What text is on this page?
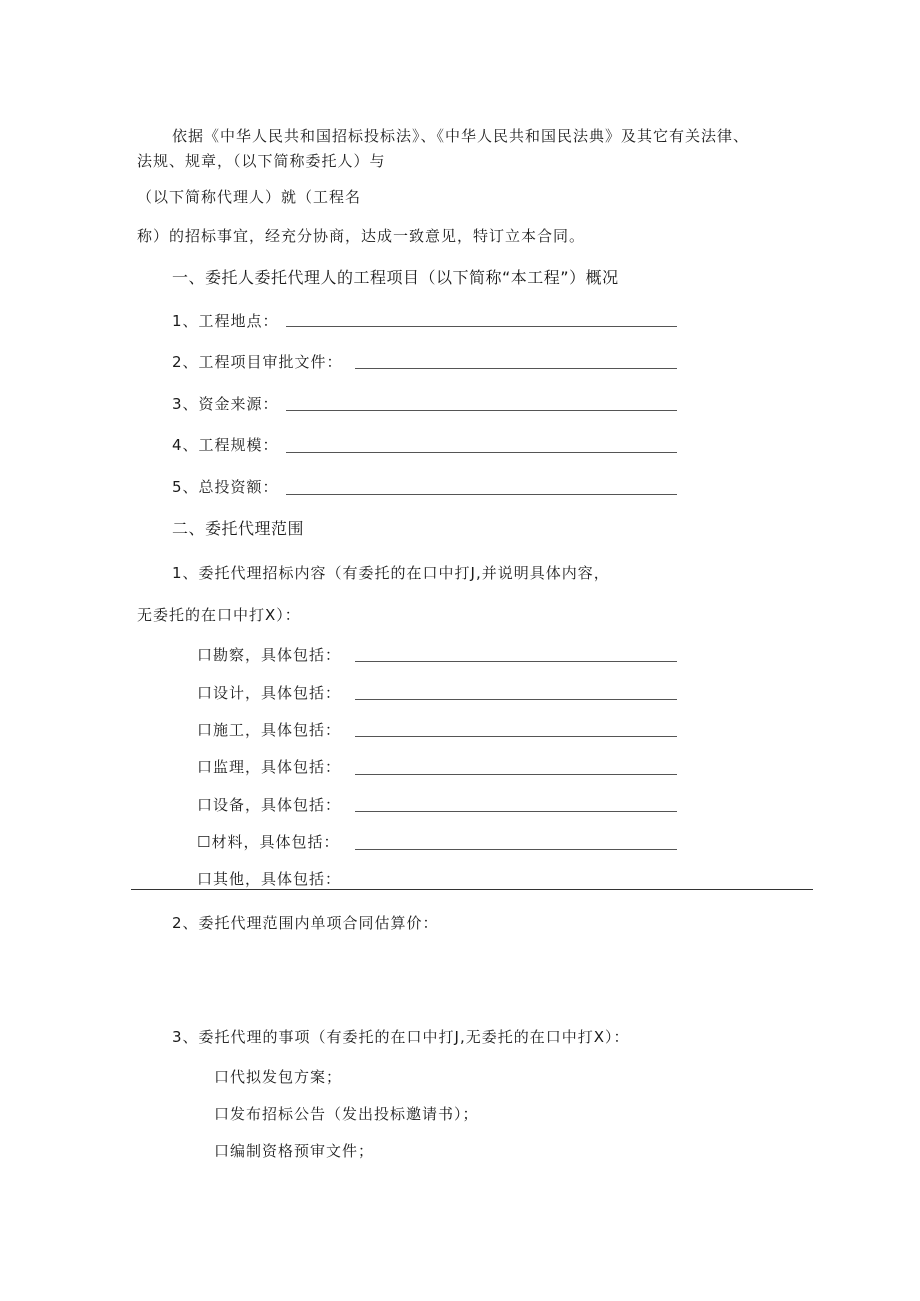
依据《中华人民共和国招标投标法》、《中华人民共和国民法典》及其它有关法律、
法规、规章，（以下简称委托人）与
（以下简称代理人）就（工程名
称）的招标事宜，经充分协商，达成一致意见，特订立本合同。
一、委托人委托代理人的工程项目（以下简称“本工程”）概况
1、工程地点：
2、工程项目审批文件：
3、资金来源：
4、工程规模：
5、总投资额：
二、委托代理范围
1、委托代理招标内容（有委托的在口中打J,并说明具体内容，
无委托的在口中打X）：
口勘察，具体包括：
口设计，具体包括：
口施工，具体包括：
口监理，具体包括：
口设备，具体包括：
☐材料，具体包括：
口其他，具体包括：
2、委托代理范围内单项合同估算价：
3、委托代理的事项（有委托的在口中打J,无委托的在口中打X）：
口代拟发包方案；
口发布招标公告（发出投标邀请书）；
口编制资格预审文件；
